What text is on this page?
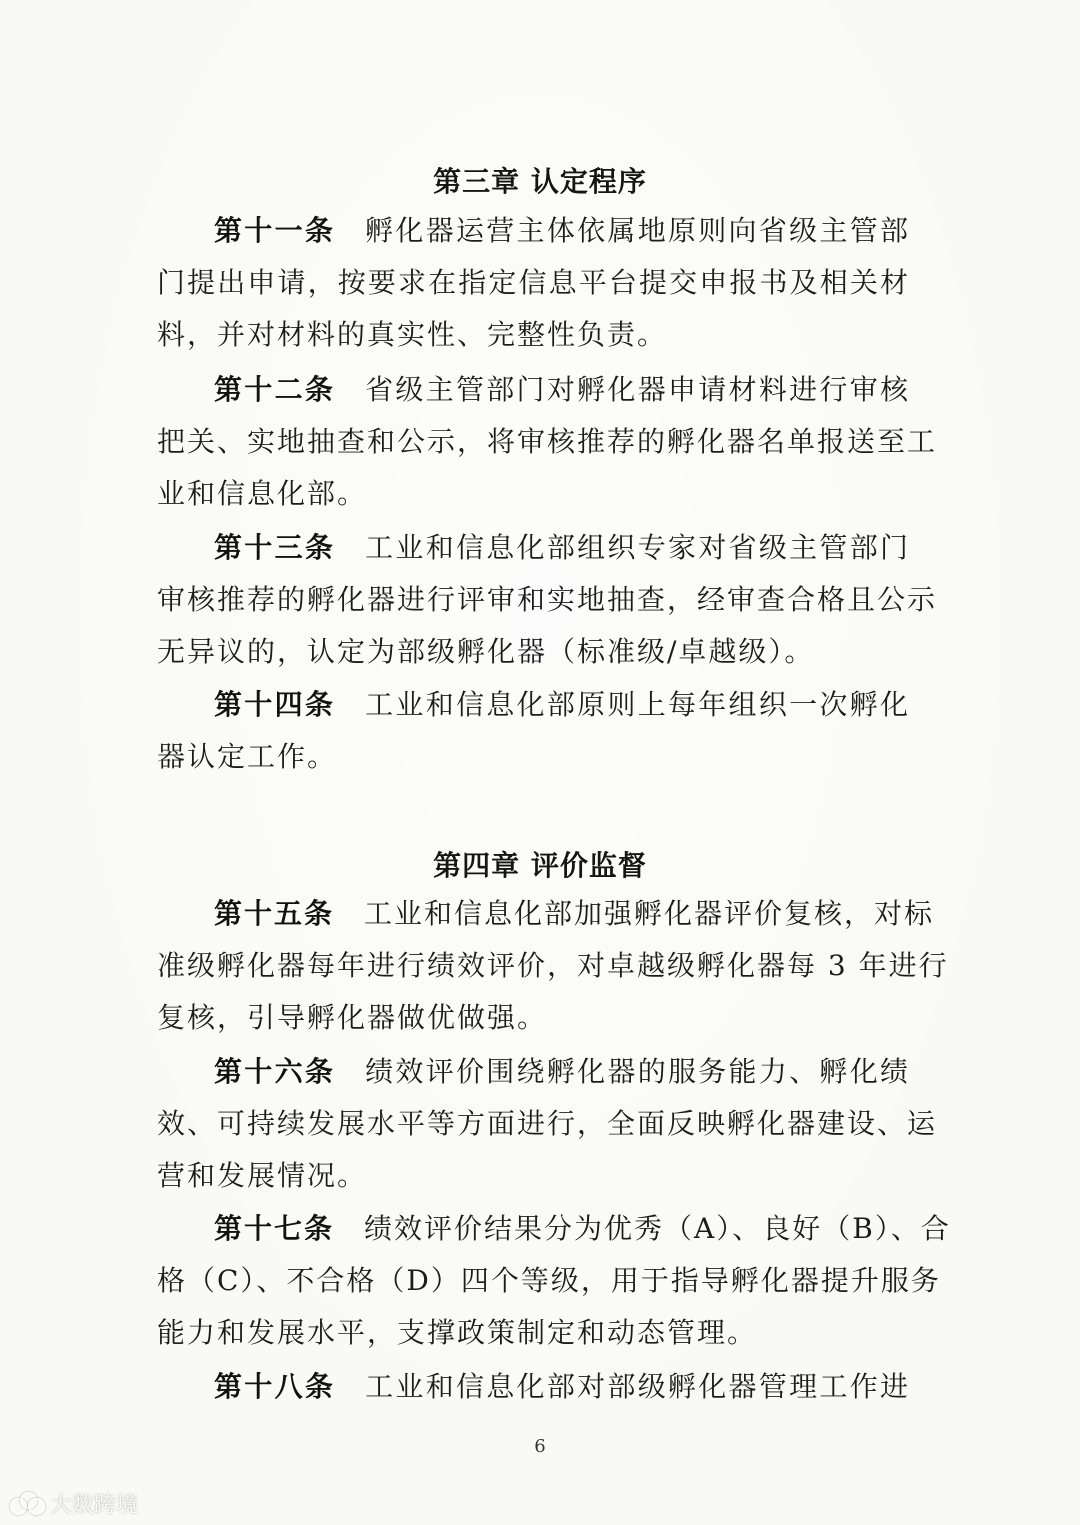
第三章 认定程序
第十一条 孵化器运营主体依属地原则向省级主管部
门提出申请，按要求在指定信息平台提交申报书及相关材
料，并对材料的真实性、完整性负责。
第十二条 省级主管部门对孵化器申请材料进行审核
把关、实地抽查和公示，将审核推荐的孵化器名单报送至工
业和信息化部。
第十三条 工业和信息化部组织专家对省级主管部门
审核推荐的孵化器进行评审和实地抽查，经审查合格且公示
无异议的，认定为部级孵化器（标准级/卓越级）。
第十四条 工业和信息化部原则上每年组织一次孵化
器认定工作。
第四章 评价监督
第十五条 工业和信息化部加强孵化器评价复核，对标
准级孵化器每年进行绩效评价，对卓越级孵化器每 3 年进行
复核，引导孵化器做优做强。
第十六条 绩效评价围绕孵化器的服务能力、孵化绩
效、可持续发展水平等方面进行，全面反映孵化器建设、运
营和发展情况。
第十七条 绩效评价结果分为优秀（A）、良好（B）、合
格（C）、不合格（D）四个等级，用于指导孵化器提升服务
能力和发展水平，支撑政策制定和动态管理。
第十八条 工业和信息化部对部级孵化器管理工作进
6
大数跨境
